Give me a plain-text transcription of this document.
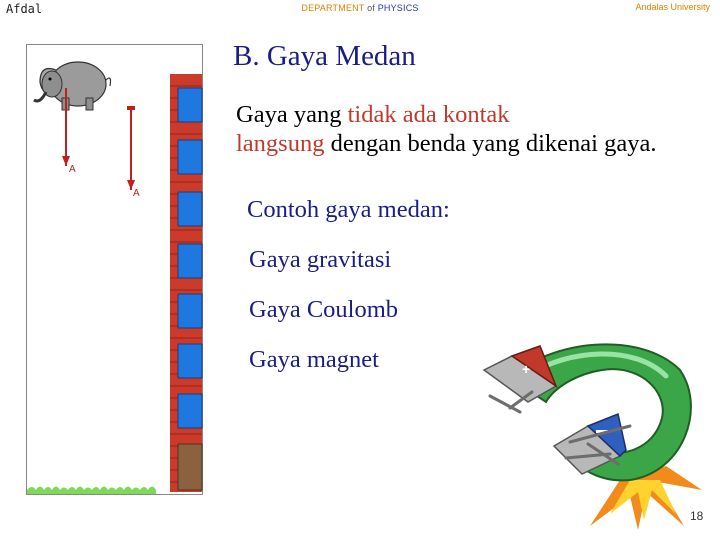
Afdal	DEPARTMENT of PHYSICS	Andalas University
A
A
B. Gaya Medan
Gaya yang tidak ada kontak
langsung dengan benda yang dikenai gaya.
Contoh gaya medan:
Gaya gravitasi
Gaya Coulomb
Gaya magnet	+
18
